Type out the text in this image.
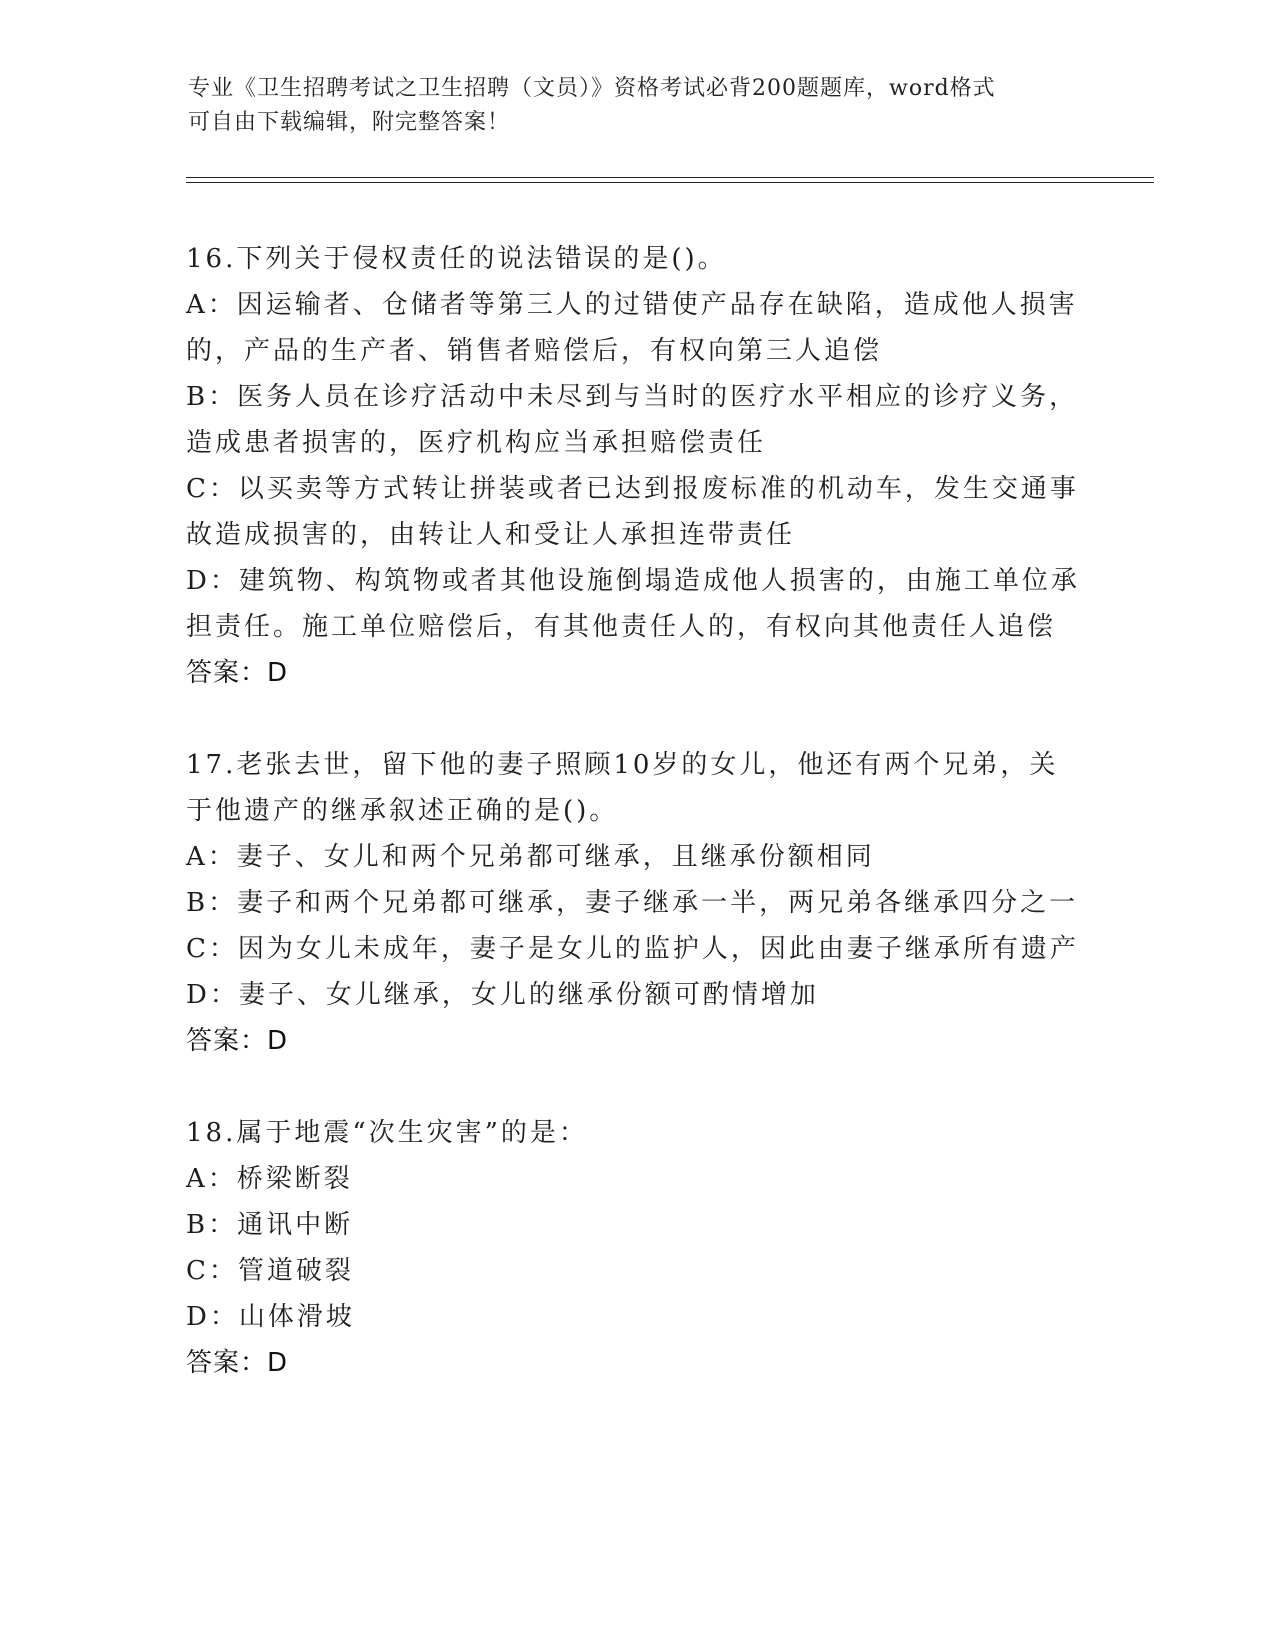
专业《卫生招聘考试之卫生招聘（文员）》资格考试必背200题题库，word格式
可自由下载编辑，附完整答案！
16.下列关于侵权责任的说法错误的是()。
A：因运输者、仓储者等第三人的过错使产品存在缺陷，造成他人损害
的，产品的生产者、销售者赔偿后，有权向第三人追偿
B：医务人员在诊疗活动中未尽到与当时的医疗水平相应的诊疗义务，
造成患者损害的，医疗机构应当承担赔偿责任
C：以买卖等方式转让拼装或者已达到报废标准的机动车，发生交通事
故造成损害的，由转让人和受让人承担连带责任
D：建筑物、构筑物或者其他设施倒塌造成他人损害的，由施工单位承
担责任。施工单位赔偿后，有其他责任人的，有权向其他责任人追偿
答案：D
17.老张去世，留下他的妻子照顾10岁的女儿，他还有两个兄弟，关
于他遗产的继承叙述正确的是()。
A：妻子、女儿和两个兄弟都可继承，且继承份额相同
B：妻子和两个兄弟都可继承，妻子继承一半，两兄弟各继承四分之一
C：因为女儿未成年，妻子是女儿的监护人，因此由妻子继承所有遗产
D：妻子、女儿继承，女儿的继承份额可酌情增加
答案：D
18.属于地震“次生灾害”的是：
A：桥梁断裂
B：通讯中断
C：管道破裂
D：山体滑坡
答案：D
